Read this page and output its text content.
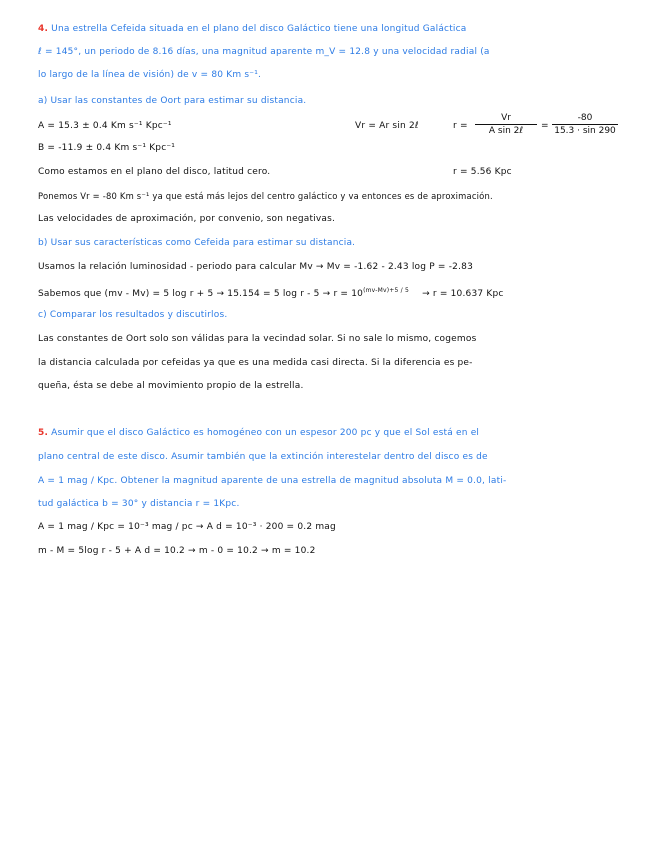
4. Una estrella Cefeida situada en el plano del disco Galáctico tiene una longitud Galáctica
ℓ = 145°, un periodo de 8.16 días, una magnitud aparente m_V = 12.8 y una velocidad radial (a
lo largo de la línea de visión) de v = 80 Km s⁻¹.
a) Usar las constantes de Oort para estimar su distancia.
A = 15.3 ± 0.4 Km s⁻¹ Kpc⁻¹	Vr = Ar sin 2ℓ	r =
Vr
A sin 2ℓ	=
-80
15.3 · sin 290
B = -11.9 ± 0.4 Km s⁻¹ Kpc⁻¹
Como estamos en el plano del disco, latitud cero.	r = 5.56 Kpc
Ponemos Vr = -80 Km s⁻¹ ya que está más lejos del centro galáctico y va entonces es de aproximación.
Las velocidades de aproximación, por convenio, son negativas.
b) Usar sus características como Cefeida para estimar su distancia.
Usamos la relación luminosidad - periodo para calcular Mv → Mv = -1.62 - 2.43 log P = -2.83
Sabemos que (mv - Mv) = 5 log r + 5 → 15.154 = 5 $\log r - 5 \to r = 10^{(mv-Mv)+5 / 5} \to r = 10.637$ Kpc
c) Comparar los resultados y discutirlos.
Las constantes de Oort solo son válidas para la vecindad solar. Si no sale lo mismo, cogemos
la distancia calculada por cefeidas ya que es una medida casi directa. Si la diferencia es pe-
queña, ésta se debe al movimiento propio de la estrella.
5. Asumir que el disco Galáctico es homogéneo con un espesor 200 pc y que el Sol está en el
plano central de este disco. Asumir también que la extinción interestelar dentro del disco es de
A = 1 mag / Kpc. Obtener la magnitud aparente de una estrella de magnitud absoluta M = 0.0, lati-
tud galáctica b = 30° y distancia r = 1Kpc.
A = 1 mag / Kpc = 10⁻³ mag / pc → A d = 10⁻³ · 200 = 0.2 mag
m - M = 5log r - 5 + A d = 10.2 → m - 0 = 10.2 → m = 10.2
